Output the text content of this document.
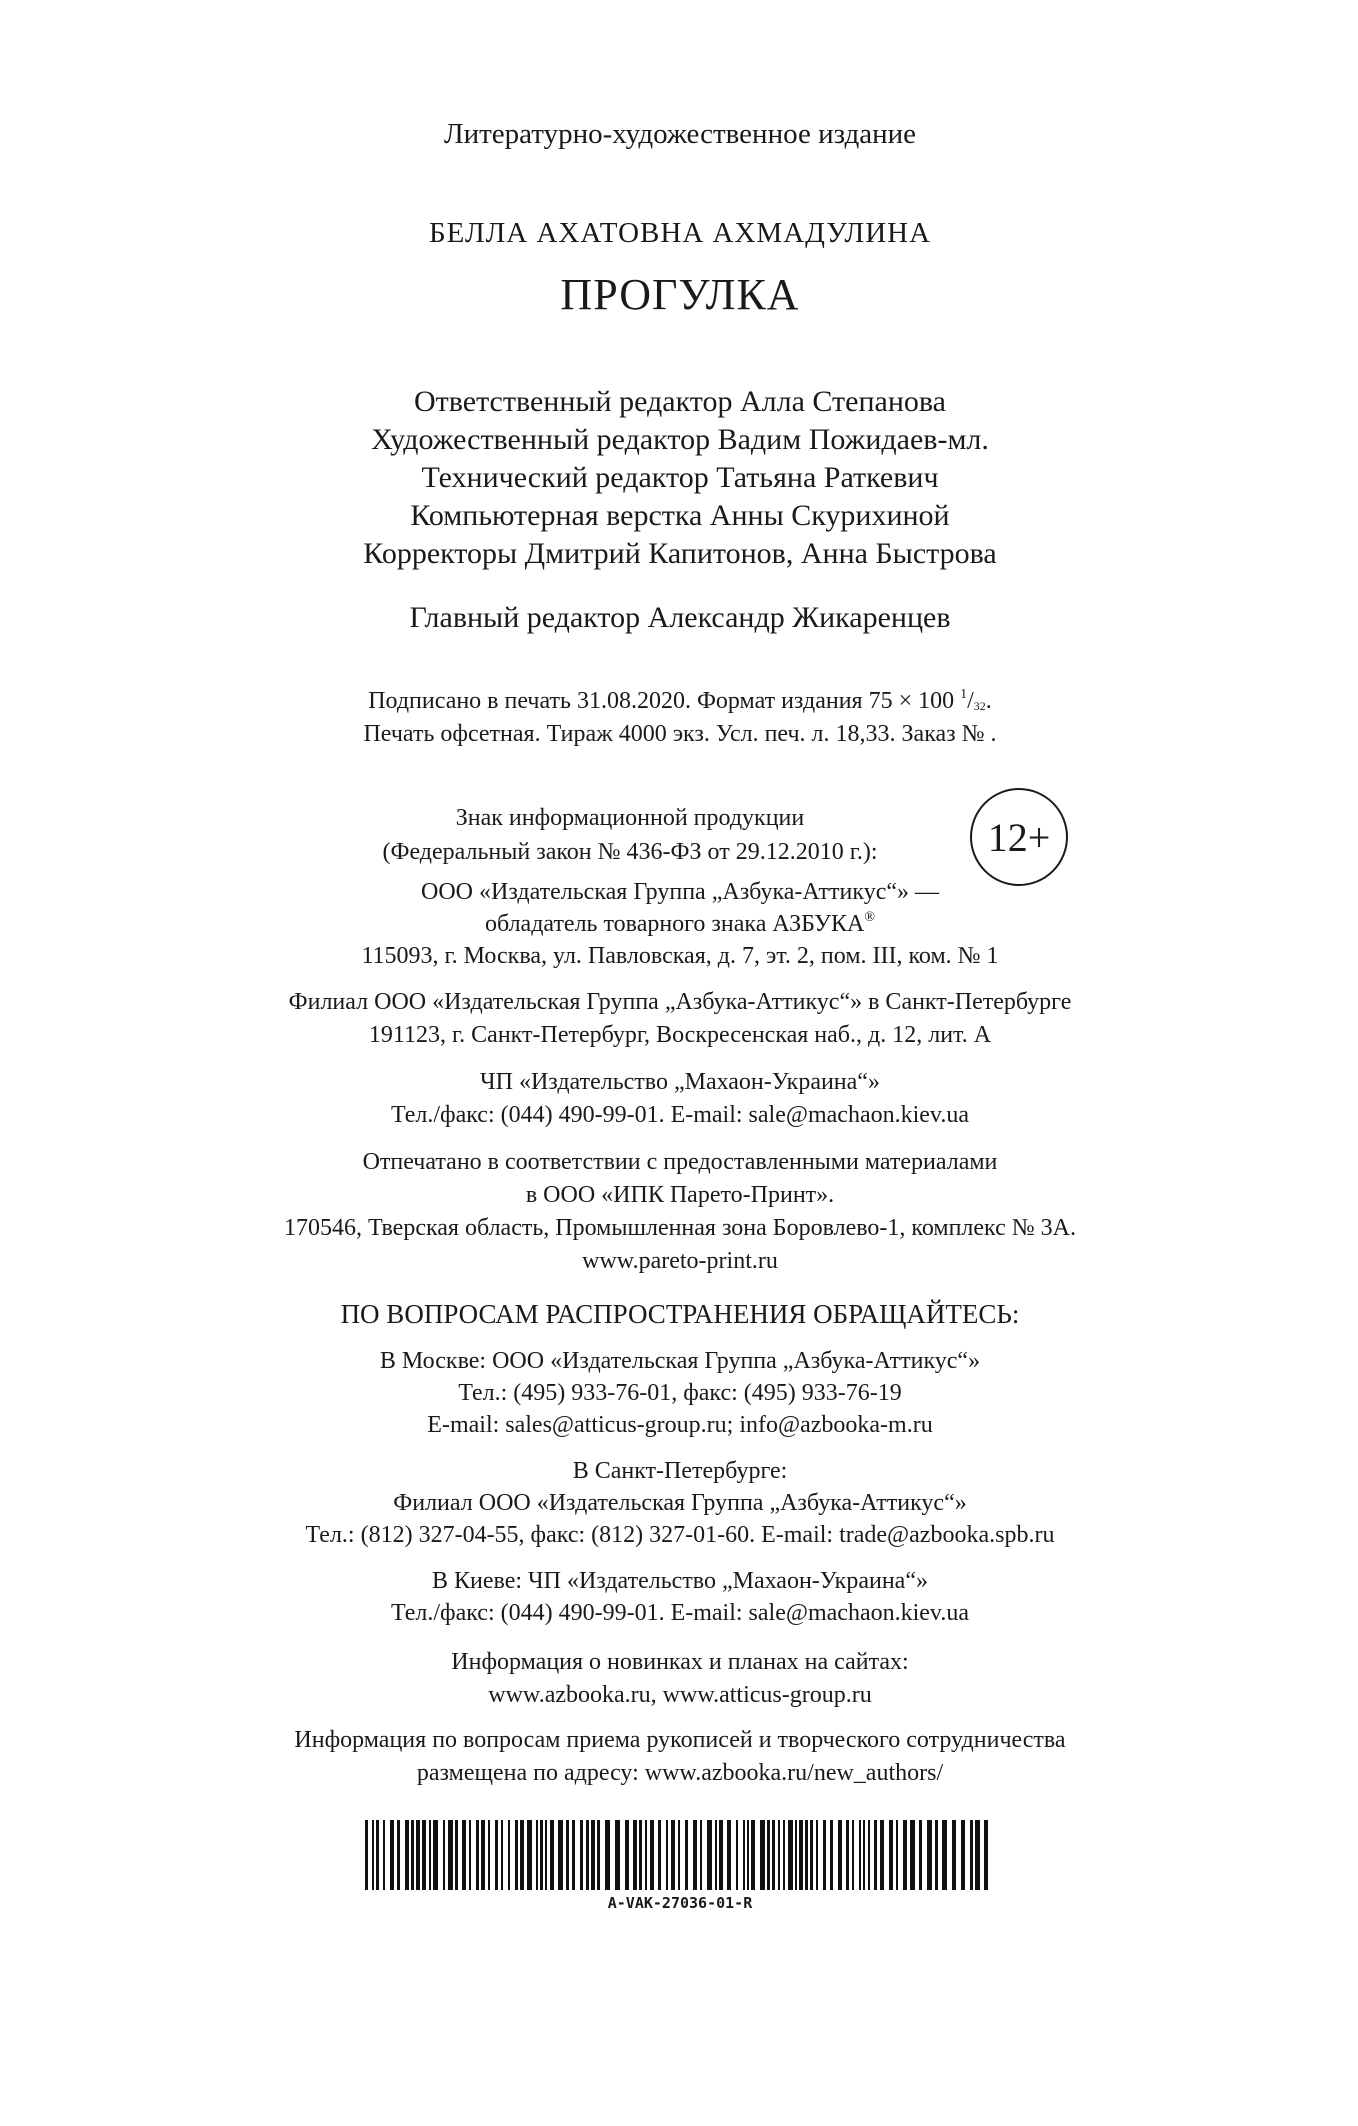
Литературно-художественное издание
БЕЛЛА АХАТОВНА АХМАДУЛИНА
ПРОГУЛКА
Ответственный редактор Алла Степанова
Художественный редактор Вадим Пожидаев-мл.
Технический редактор Татьяна Раткевич
Компьютерная верстка Анны Скурихиной
Корректоры Дмитрий Капитонов, Анна Быстрова
Главный редактор Александр Жикаренцев
Подписано в печать 31.08.2020. Формат издания 75 × 100 $^1$/32.
Печать офсетная. Тираж 4000 экз. Усл. печ. л. 18,33. Заказ № .
Знак информационной продукции
(Федеральный закон № 436-ФЗ от 29.12.2010 г.):	12+
ООО «Издательская Группа „Азбука-Аттикус“» —
обладатель товарного знака АЗБУКА®
115093, г. Москва, ул. Павловская, д. 7, эт. 2, пом. III, ком. № 1
Филиал ООО «Издательская Группа „Азбука-Аттикус“» в Санкт-Петербурге
191123, г. Санкт-Петербург, Воскресенская наб., д. 12, лит. А
ЧП «Издательство „Махаон-Украина“»
Тел./факс: (044) 490-99-01. E-mail: sale@machaon.kiev.ua
Отпечатано в соответствии с предоставленными материалами
в ООО «ИПК Парето-Принт».
170546, Тверская область, Промышленная зона Боровлево-1, комплекс № 3А.
www.pareto-print.ru
ПО ВОПРОСАМ РАСПРОСТРАНЕНИЯ ОБРАЩАЙТЕСЬ:
В Москве: ООО «Издательская Группа „Азбука-Аттикус“»
Тел.: (495) 933-76-01, факс: (495) 933-76-19
E-mail: sales@atticus-group.ru; info@azbooka-m.ru
В Санкт-Петербурге:
Филиал ООО «Издательская Группа „Азбука-Аттикус“»
Тел.: (812) 327-04-55, факс: (812) 327-01-60. E-mail: trade@azbooka.spb.ru
В Киеве: ЧП «Издательство „Махаон-Украина“»
Тел./факс: (044) 490-99-01. E-mail: sale@machaon.kiev.ua
Информация о новинках и планах на сайтах:
www.azbooka.ru, www.atticus-group.ru
Информация по вопросам приема рукописей и творческого сотрудничества
размещена по адресу: www.azbooka.ru/new_authors/
A-VAK-27036-01-R
